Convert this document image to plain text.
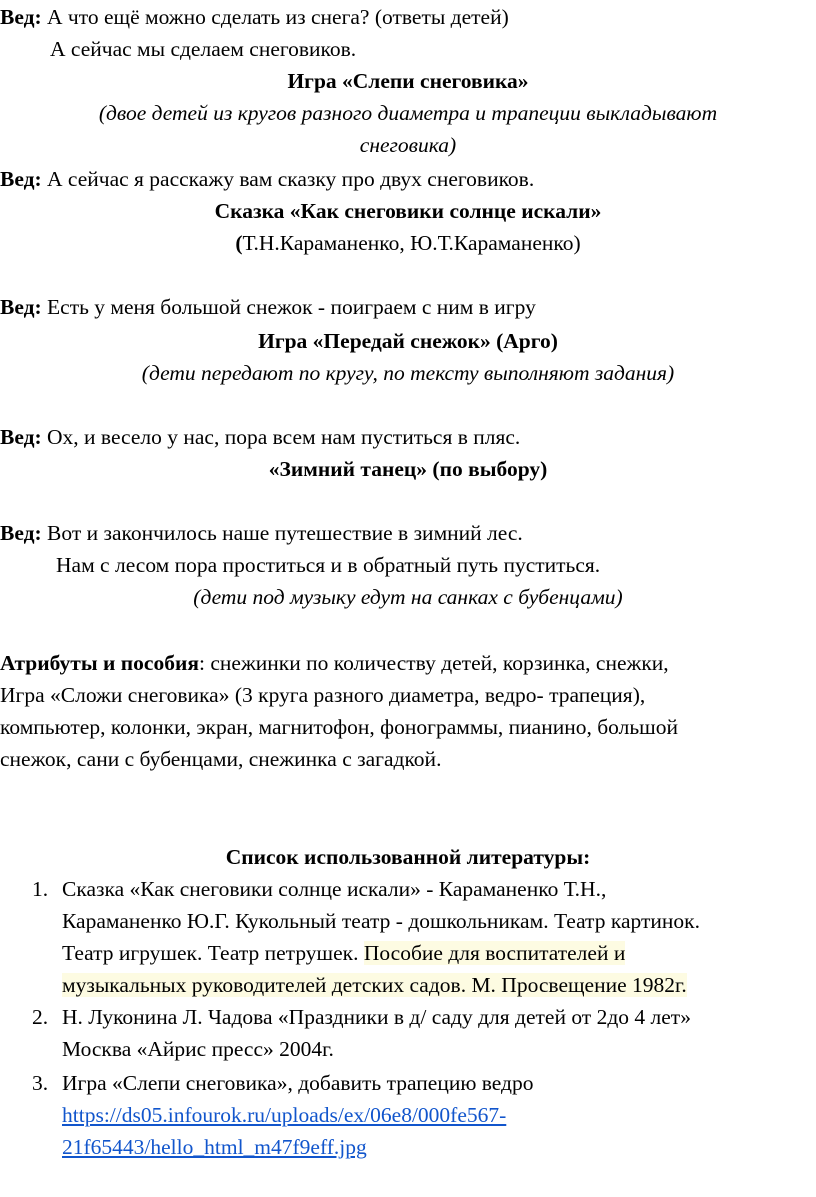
Вед: А что ещё можно сделать из снега? (ответы детей)
А сейчас мы сделаем снеговиков.
Игра «Слепи снеговика»
(двое детей из кругов разного диаметра и трапеции выкладывают
снеговика)
Вед: А сейчас я расскажу вам сказку про двух снеговиков.
Сказка «Как снеговики солнце искали»
(Т.Н.Караманенко, Ю.Т.Караманенко)
Вед: Есть у меня большой снежок - поиграем с ним в игру
Игра «Передай снежок» (Арго)
(дети передают по кругу, по тексту выполняют задания)
Вед: Ох, и весело у нас, пора всем нам пуститься в пляс.
«Зимний танец» (по выбору)
Вед: Вот и закончилось наше путешествие в зимний лес.
Нам с лесом пора проститься и в обратный путь пуститься.
(дети под музыку едут на санках с бубенцами)
Атрибуты и пособия: снежинки по количеству детей, корзинка, снежки,
Игра «Сложи снеговика» (3 круга разного диаметра, ведро- трапеция),
компьютер, колонки, экран, магнитофон, фонограммы, пианино, большой
снежок, сани с бубенцами, снежинка с загадкой.
Список использованной литературы:
1. Сказка «Как снеговики солнце искали» - Караманенко Т.Н.,
Караманенко Ю.Г. Кукольный театр - дошкольникам. Театр картинок.
Театр игрушек. Театр петрушек. Пособие для воспитателей и
музыкальных руководителей детских садов. М. Просвещение 1982г.
2. Н. Луконина Л. Чадова «Праздники в д/ саду для детей от 2до 4 лет»
Москва «Айрис пресс» 2004г.
3. Игра «Слепи снеговика», добавить трапецию ведро
https://ds05.infourok.ru/uploads/ex/06e8/000fe567-
21f65443/hello_html_m47f9eff.jpg
